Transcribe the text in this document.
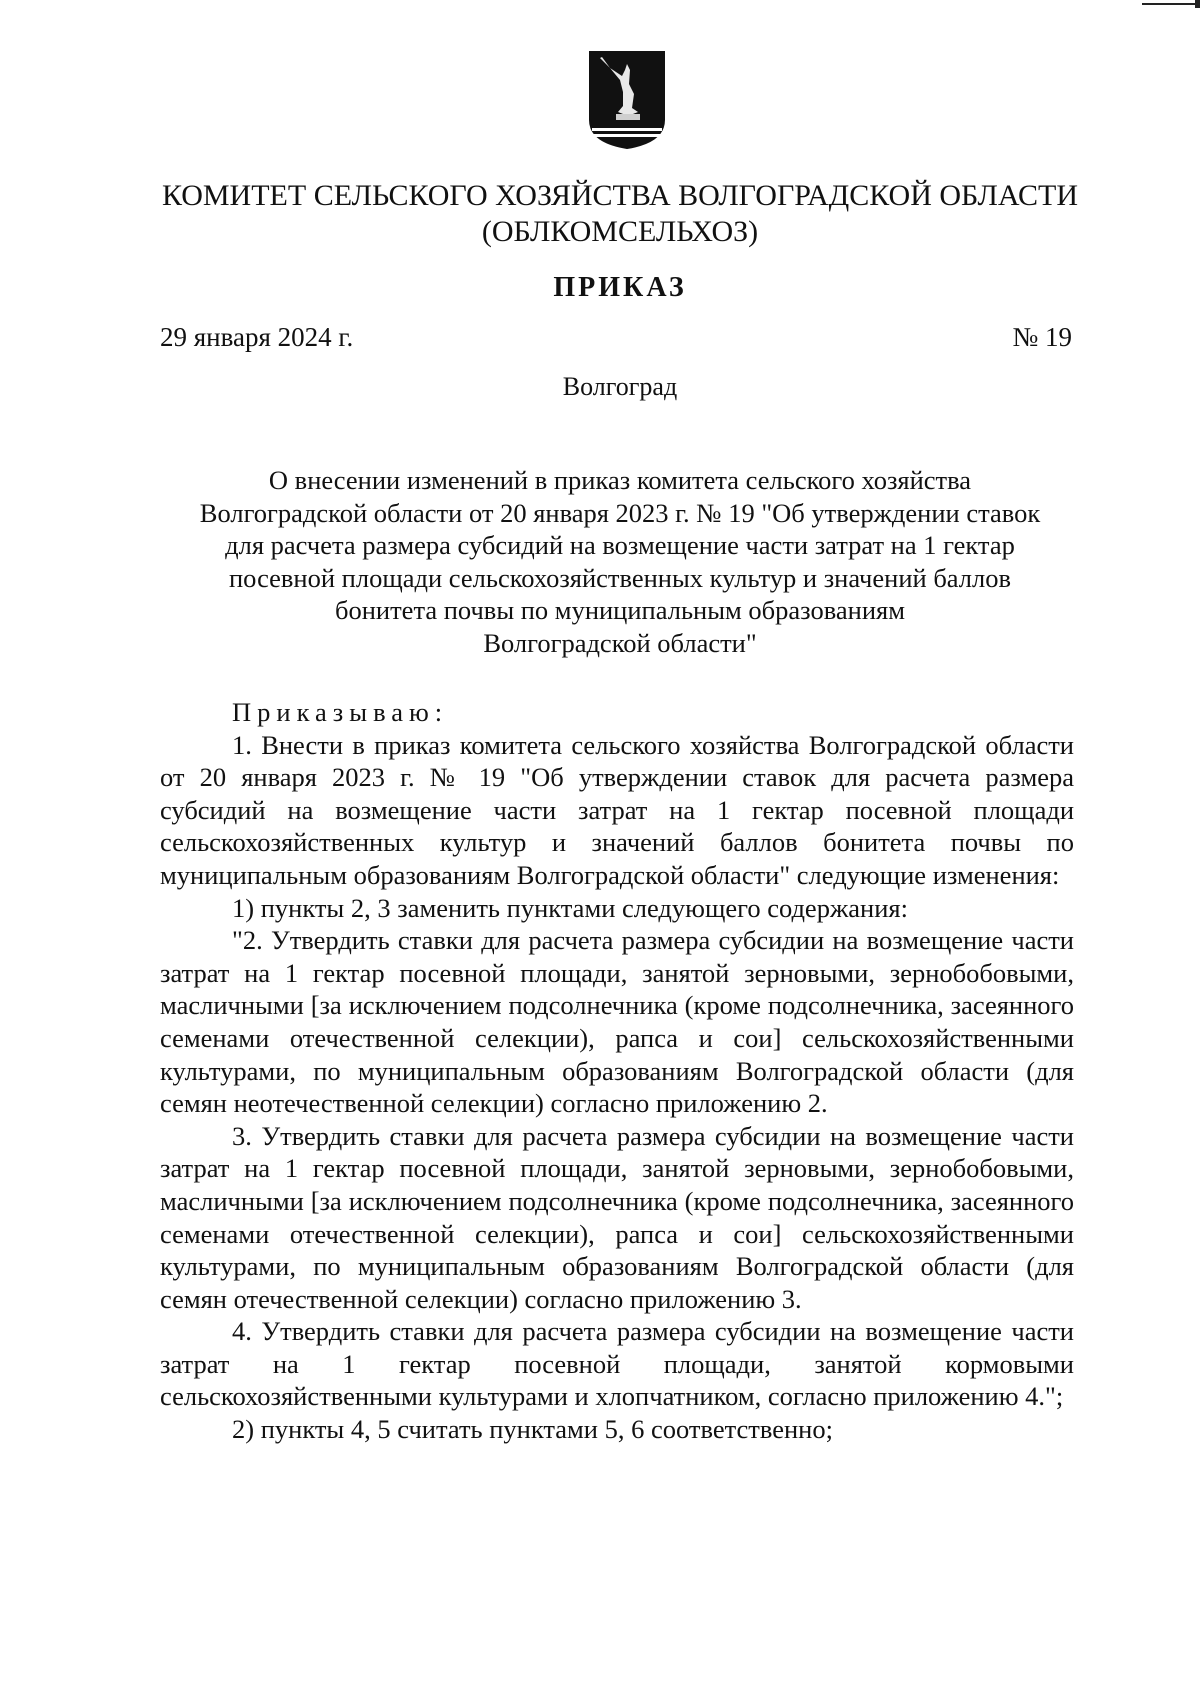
КОМИТЕТ СЕЛЬСКОГО ХОЗЯЙСТВА ВОЛГОГРАДСКОЙ ОБЛАСТИ
(ОБЛКОМСЕЛЬХОЗ)
ПРИКАЗ
29 января 2024 г.	№ 19
Волгоград
О внесении изменений в приказ комитета сельского хозяйства
Волгоградской области от 20 января 2023 г. № 19 "Об утверждении ставок
для расчета размера субсидий на возмещение части затрат на 1 гектар
посевной площади сельскохозяйственных культур и значений баллов
бонитета почвы по муниципальным образованиям
Волгоградской области"

Приказываю:

1. Внести в приказ комитета сельского хозяйства Волгоградской области от 20 января 2023 г. № 19 "Об утверждении ставок для расчета размера субсидий на возмещение части затрат на 1 гектар посевной площади сельскохозяйственных культур и значений баллов бонитета почвы по муниципальным образованиям Волгоградской области" следующие изменения:

1) пункты 2, 3 заменить пунктами следующего содержания:

"2. Утвердить ставки для расчета размера субсидии на возмещение части затрат на 1 гектар посевной площади, занятой зерновыми, зернобобовыми, масличными [за исключением подсолнечника (кроме подсолнечника, засеянного семенами отечественной селекции), рапса и сои] сельскохозяйственными культурами, по муниципальным образованиям Волгоградской области (для семян неотечественной селекции) согласно приложению 2.

3. Утвердить ставки для расчета размера субсидии на возмещение части затрат на 1 гектар посевной площади, занятой зерновыми, зернобобовыми, масличными [за исключением подсолнечника (кроме подсолнечника, засеянного семенами отечественной селекции), рапса и сои] сельскохозяйственными культурами, по муниципальным образованиям Волгоградской области (для семян отечественной селекции) согласно приложению 3.

4. Утвердить ставки для расчета размера субсидии на возмещение части затрат на 1 гектар посевной площади, занятой кормовыми сельскохозяйственными культурами и хлопчатником, согласно приложению 4.";

2) пункты 4, 5 считать пунктами 5, 6 соответственно;
